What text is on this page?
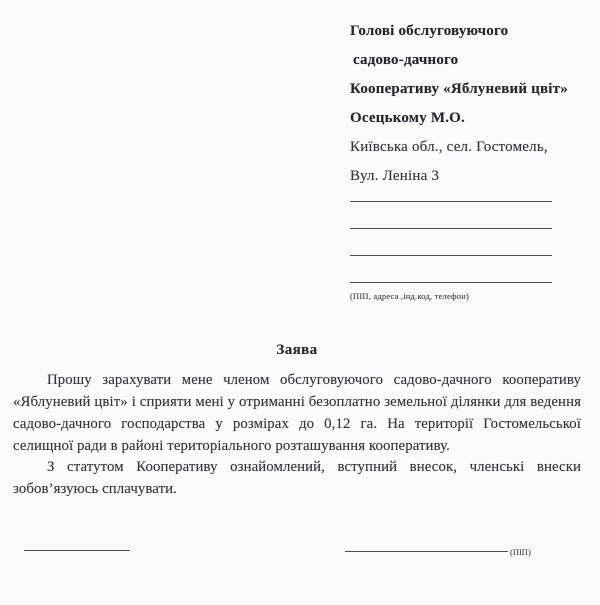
Голові обслуговуючого
садово-дачного
Кооперативу «Яблуневий цвіт»
Осецькому М.О.
Київська обл., сел. Гостомель,
Вул. Леніна 3
(ПІП, адреса ,інд.код, телефон)
Заява

Прошу зарахувати мене членом обслуговуючого садово-дачного кооперативу «Яблуневий цвіт» і сприяти мені у отриманні безоплатно земельної ділянки для ведення садово-дачного господарства у розмірах до 0,12 га. На території Гостомельської селищної ради в районі територіального розташування кооперативу.

З статутом Кооперативу ознайомлений, вступний внесок, членські внески зобов’язуюсь сплачувати.

(ПІП)
